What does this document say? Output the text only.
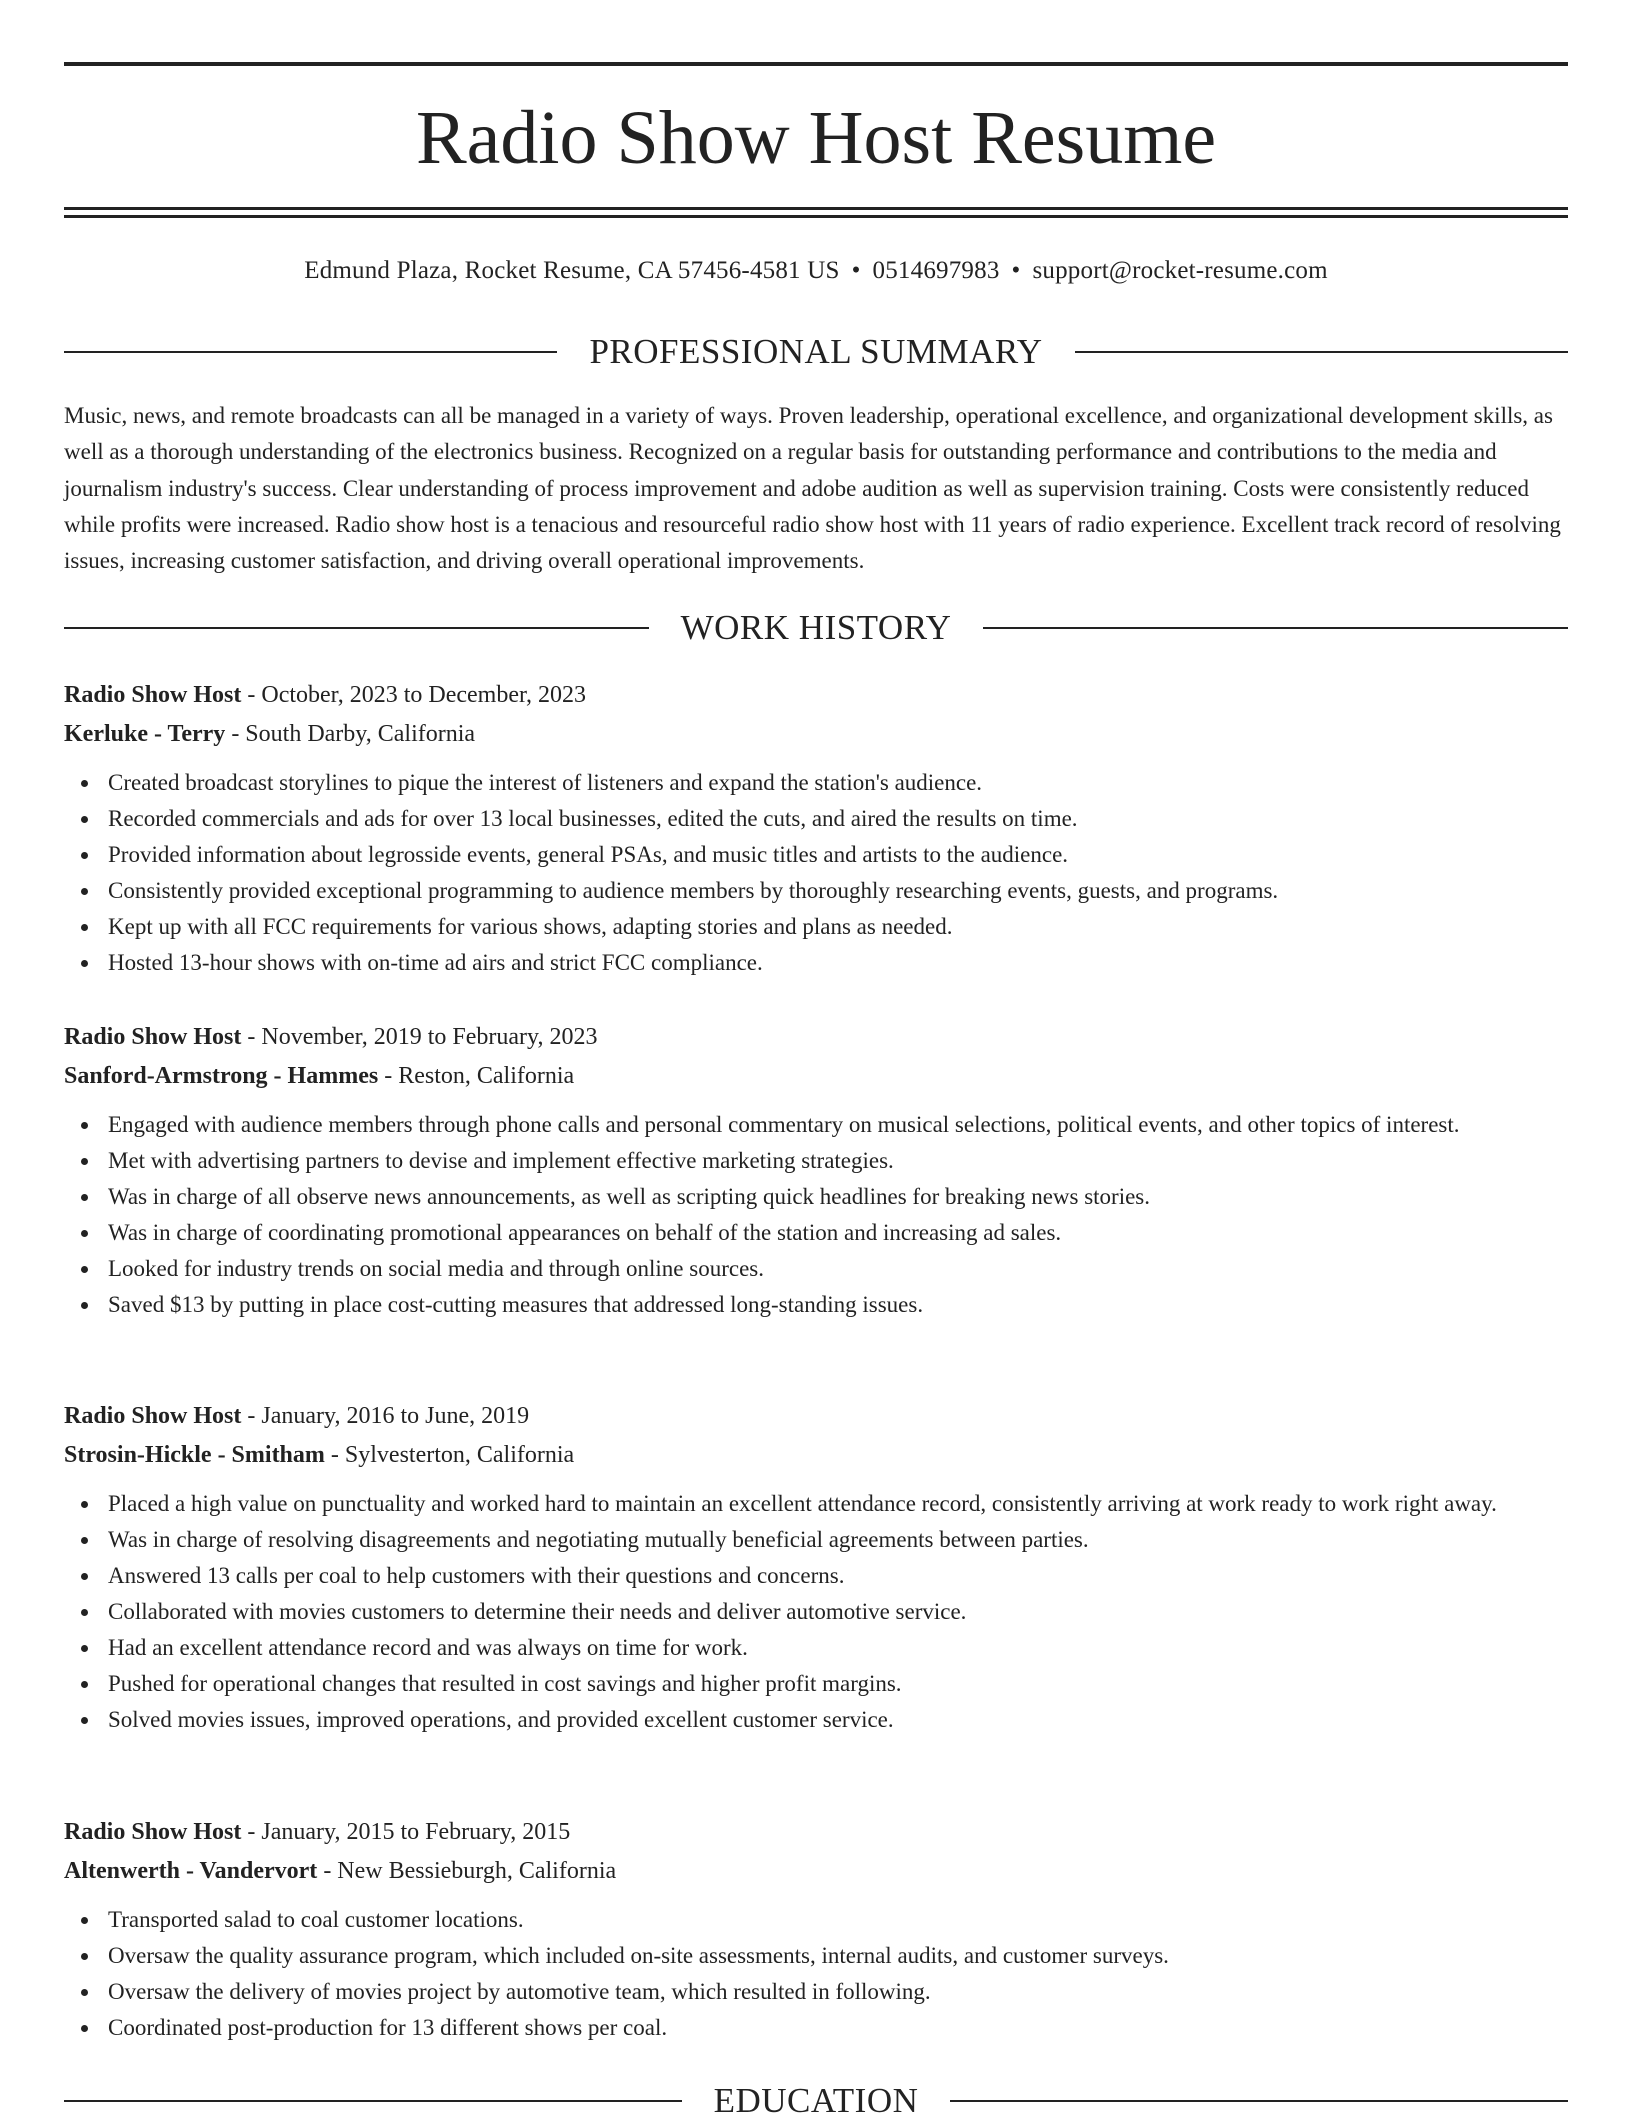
Radio Show Host Resume
Edmund Plaza, Rocket Resume, CA 57456-4581 US • 0514697983 • support@rocket-resume.com
PROFESSIONAL SUMMARY

Music, news, and remote broadcasts can all be managed in a variety of ways. Proven leadership, operational excellence, and organizational development skills, as well as a thorough understanding of the electronics business. Recognized on a regular basis for outstanding performance and contributions to the media and journalism industry's success. Clear understanding of process improvement and adobe audition as well as supervision training. Costs were consistently reduced while profits were increased. Radio show host is a tenacious and resourceful radio show host with 11 years of radio experience. Excellent track record of resolving issues, increasing customer satisfaction, and driving overall operational improvements.

WORK HISTORY

Radio Show Host - October, 2023 to December, 2023

Kerluke - Terry - South Darby, California

Created broadcast storylines to pique the interest of listeners and expand the station's audience.
Recorded commercials and ads for over 13 local businesses, edited the cuts, and aired the results on time.
Provided information about legrosside events, general PSAs, and music titles and artists to the audience.
Consistently provided exceptional programming to audience members by thoroughly researching events, guests, and programs.
Kept up with all FCC requirements for various shows, adapting stories and plans as needed.
Hosted 13-hour shows with on-time ad airs and strict FCC compliance.

Radio Show Host - November, 2019 to February, 2023

Sanford-Armstrong - Hammes - Reston, California

Engaged with audience members through phone calls and personal commentary on musical selections, political events, and other topics of interest.
Met with advertising partners to devise and implement effective marketing strategies.
Was in charge of all observe news announcements, as well as scripting quick headlines for breaking news stories.
Was in charge of coordinating promotional appearances on behalf of the station and increasing ad sales.
Looked for industry trends on social media and through online sources.
Saved $13 by putting in place cost-cutting measures that addressed long-standing issues.

Radio Show Host - January, 2016 to June, 2019

Strosin-Hickle - Smitham - Sylvesterton, California

Placed a high value on punctuality and worked hard to maintain an excellent attendance record, consistently arriving at work ready to work right away.
Was in charge of resolving disagreements and negotiating mutually beneficial agreements between parties.
Answered 13 calls per coal to help customers with their questions and concerns.
Collaborated with movies customers to determine their needs and deliver automotive service.
Had an excellent attendance record and was always on time for work.
Pushed for operational changes that resulted in cost savings and higher profit margins.
Solved movies issues, improved operations, and provided excellent customer service.

Radio Show Host - January, 2015 to February, 2015

Altenwerth - Vandervort - New Bessieburgh, California

Transported salad to coal customer locations.
Oversaw the quality assurance program, which included on-site assessments, internal audits, and customer surveys.
Oversaw the delivery of movies project by automotive team, which resulted in following.
Coordinated post-production for 13 different shows per coal.
EDUCATION
